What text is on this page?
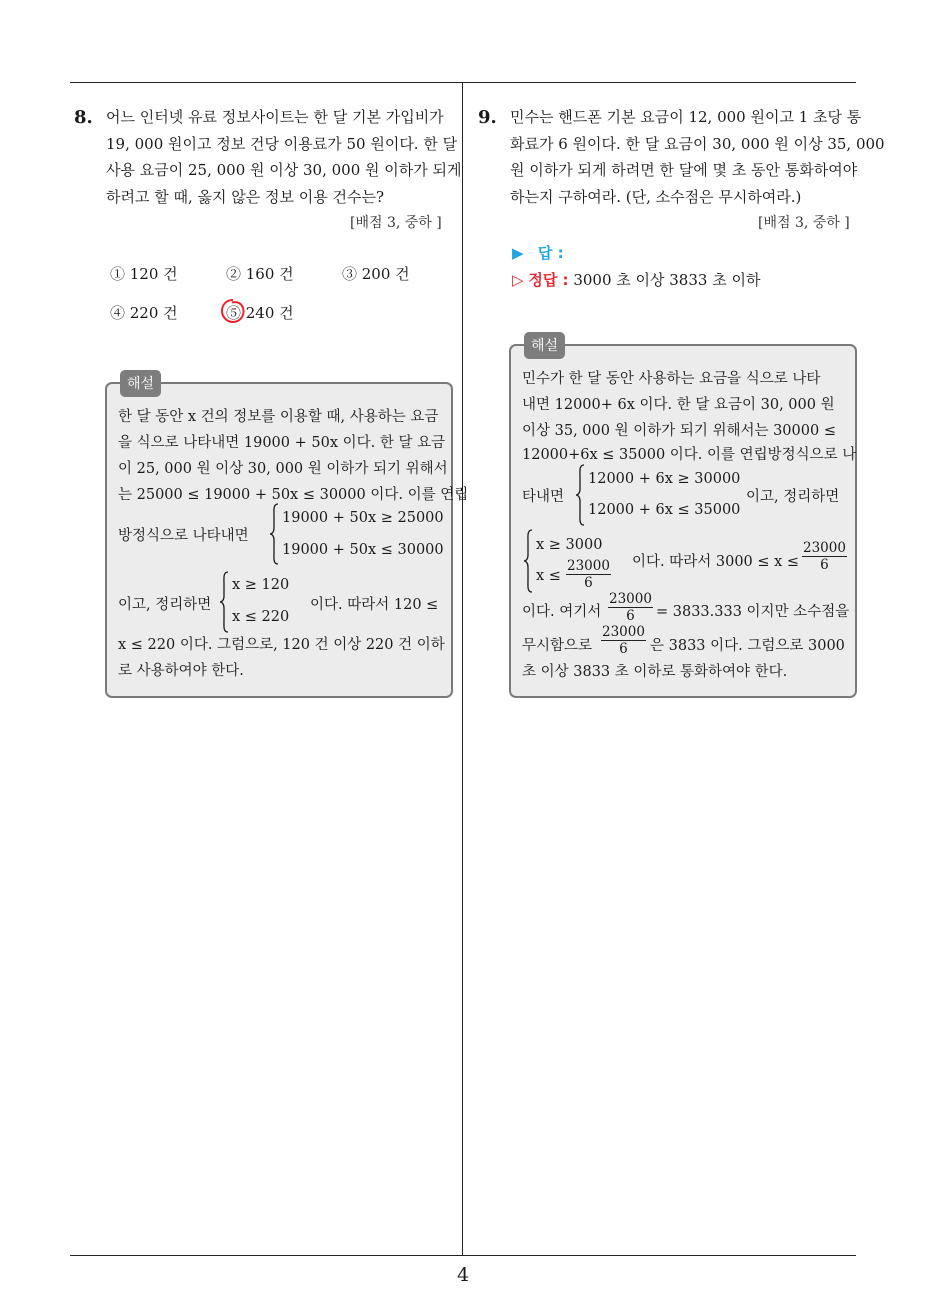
4
8. 어느 인터넷 유료 정보사이트는 한 달 기본 가입비가
19, 000 원이고 정보 건당 이용료가 50 원이다. 한 달
사용 요금이 25, 000 원 이상 30, 000 원 이하가 되게
하려고 할 때, 옳지 않은 정보 이용 건수는?
[배점 3, 중하 ]
① 120 건	② 160 건	③ 200 건
④ 220 건	⑤ 240 건
해설
한 달 동안 x 건의 정보를 이용할 때, 사용하는 요금
을 식으로 나타내면 19000 + 50x 이다. 한 달 요금
이 25, 000 원 이상 30, 000 원 이하가 되기 위해서
는 25000 ≤ 19000 + 50x ≤ 30000 이다. 이를 연립
방정식으로 나타내면
19000 + 50x ≥ 25000
19000 + 50x ≤ 30000
이고, 정리하면
x ≥ 120
x ≤ 220
이다. 따라서 120 ≤
x ≤ 220 이다. 그럼으로, 120 건 이상 220 건 이하
로 사용하여야 한다.
9. 민수는 핸드폰 기본 요금이 12, 000 원이고 1 초당 통
화료가 6 원이다. 한 달 요금이 30, 000 원 이상 35, 000
원 이하가 되게 하려면 한 달에 몇 초 동안 통화하여야
하는지 구하여라. (단, 소수점은 무시하여라.)
[배점 3, 중하 ]
▶ 답 :
▷ 정답 : 3000 초 이상 3833 초 이하
해설
민수가 한 달 동안 사용하는 요금을 식으로 나타
내면 12000+ 6x 이다. 한 달 요금이 30, 000 원
이상 35, 000 원 이하가 되기 위해서는 30000 ≤
12000+6x ≤ 35000 이다. 이를 연립방정식으로 나
타내면
12000 + 6x ≥ 30000
12000 + 6x ≤ 35000
이고, 정리하면
x ≥ 3000
$x \le \frac{23000}{6}$ 이다. 따라서 $3000 \le x \le \frac{23000}{6}$
이다. 여기서 $\frac{23000}{6} = 3833.333$ 이지만 소수점을
무시함으로 $\frac{23000}{6}$ 은 3833 이다. 그럼으로 3000
초 이상 3833 초 이하로 통화하여야 한다.
